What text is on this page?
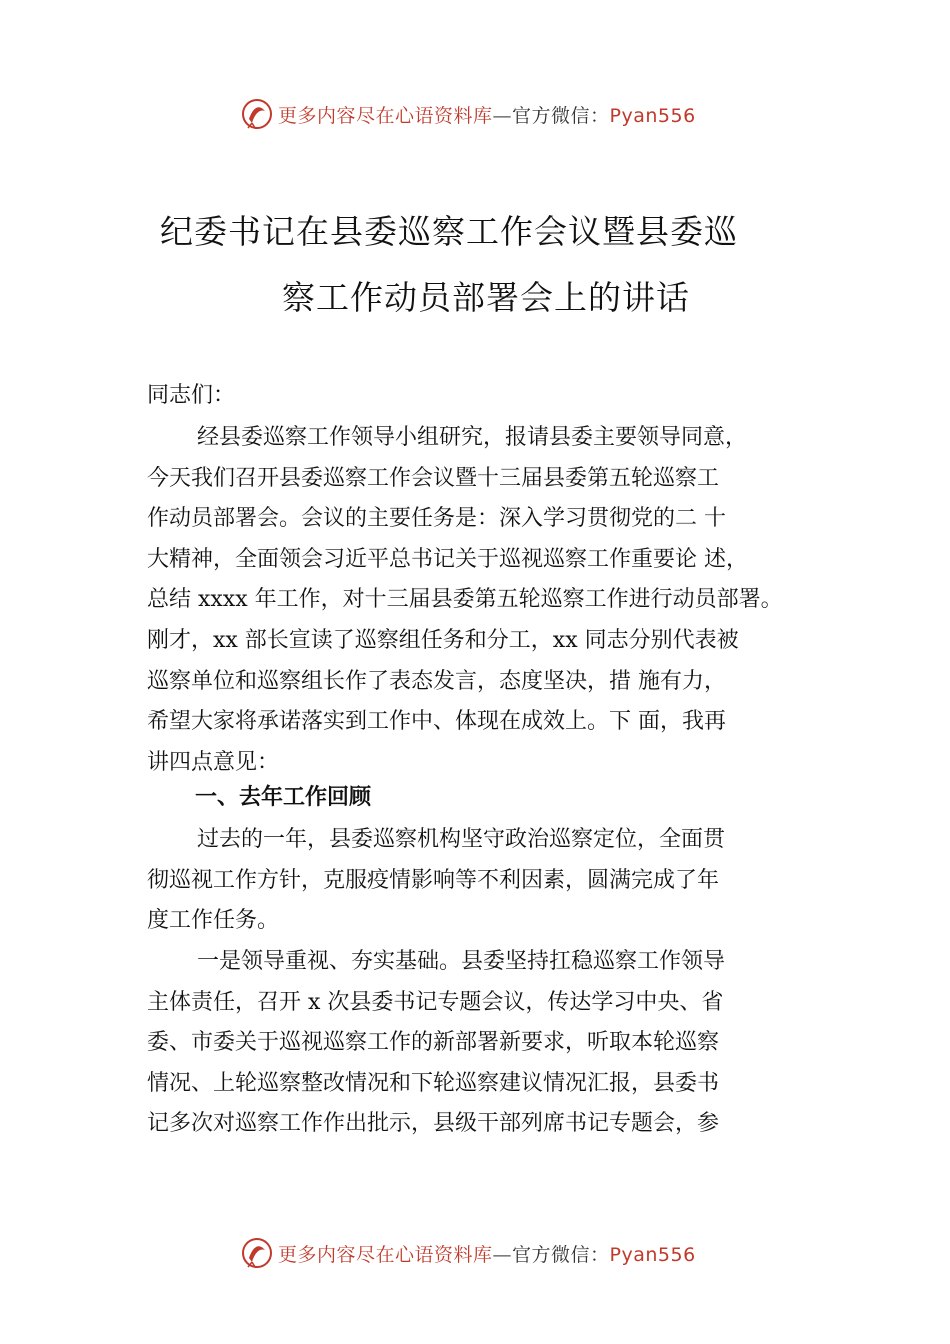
更多内容尽在心语资料库—官方微信：Pyan556
纪委书记在县委巡察工作会议暨县委巡
察工作动员部署会上的讲话
同志们：
经县委巡察工作领导小组研究，报请县委主要领导同意，
今天我们召开县委巡察工作会议暨十三届县委第五轮巡察工
作动员部署会。会议的主要任务是：深入学习贯彻党的二 十
大精神，全面领会习近平总书记关于巡视巡察工作重要论 述，
总结 xxxx 年工作，对十三届县委第五轮巡察工作进行动员部署。
刚才，xx 部长宣读了巡察组任务和分工，xx 同志分别代表被
巡察单位和巡察组长作了表态发言，态度坚决，措 施有力，
希望大家将承诺落实到工作中、体现在成效上。下 面，我再
讲四点意见：
一、去年工作回顾
过去的一年，县委巡察机构坚守政治巡察定位，全面贯
彻巡视工作方针，克服疫情影响等不利因素，圆满完成了年
度工作任务。
一是领导重视、夯实基础。县委坚持扛稳巡察工作领导
主体责任，召开 x 次县委书记专题会议，传达学习中央、省
委、市委关于巡视巡察工作的新部署新要求，听取本轮巡察
情况、上轮巡察整改情况和下轮巡察建议情况汇报，县委书
记多次对巡察工作作出批示，县级干部列席书记专题会，参
更多内容尽在心语资料库—官方微信：Pyan556
